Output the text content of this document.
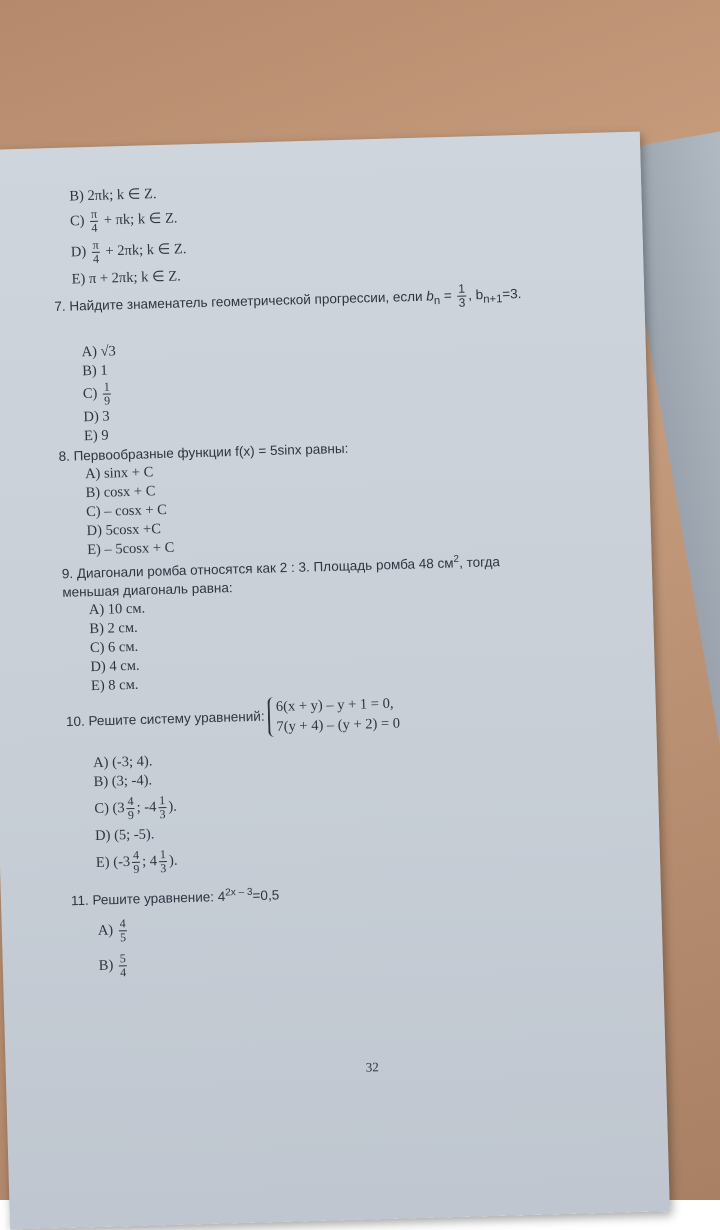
B) 2πk; k ∈ Z.
$C) \frac{\pi}{4} + \pi k$; k ∈ Z.
$D) \frac{\pi}{4} + 2\pi k$; k ∈ Z.
E) π + 2πk; k ∈ Z.
7. Найдите знаменатель геометрической прогрессии, если $b_n = \frac{1}{3}$ , $b_{n+1}=3$.
A) √3
B) 1
$C) \frac{1}{9}$
D) 3
E) 9
8. Первообразные функции f(x) = 5sinx равны:
A) sinx + C
B) cosx + C
C) – cosx + C
D) 5cosx +C
E) – 5cosx + C
9. Диагонали ромба относятся как 2 : 3. Площадь ромба 48 $см^2$, тогда
меньшая диагональ равна:
A) 10 см.
B) 2 см.
C) 6 см.
D) 4 см.
E) 8 см.
10. Решите систему уравнений:
6(x + y) – y + 1 = 0,
7(y + 4) – (y + 2) = 0
A) (-3; 4).
B) (3; -4).
C) ($3 \frac{4}{9}$ ; $-4 \frac{1}{3}$ ).
D) (5; -5).
E) ($-3 \frac{4}{9}$ ; $4 \frac{1}{3}$ ).
11. Решите уравнение: $4^{2x - 3}=0,5$
$A) \frac{4}{5}$
$B) \frac{5}{4}$
32
